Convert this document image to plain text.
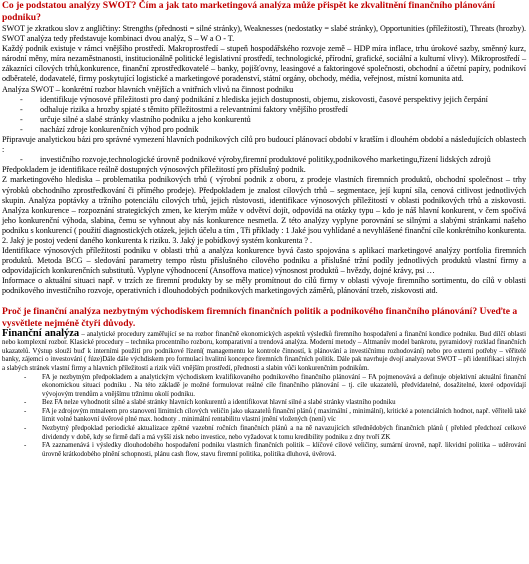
Co je podstatou analýzy SWOT? Čím a jak tato marketingová analýza může přispět ke zkvalitnění finančního plánování podniku?

SWOT je zkratkou slov z angličtiny: Strengths (přednosti = silné stránky), Weaknesses (nedostatky = slabé stránky), Opportunities (příležitosti), Threats (hrozby). SWOT analýza tedy představuje kombinaci dvou analýz, S – W a O - T.

Každý podnik existuje v rámci vnějšího prostředí. Makroprostředí – stupeň hospodářského rozvoje země – HDP míra inflace, trhu úrokové sazby, směnný kurz, národní měny, míra nezaměstnanosti, institucionálně politické legislativní prostředí, technologické, přírodní, grafické, sociální a kulturní vlivy). Mikroprostředí – zákazníci cílových trhů,konkurence, finanční zprostředkovatelé – banky, pojišťovny, leasingové a faktoringové společnosti, obchodní a účetní papíry, podnikoví odběratelé, dodavatelé, firmy poskytující logistické a marketingové poradenství, státní orgány, obchody, média, veřejnost, místní komunita atd.

Analýza SWOT – konkrétní rozbor hlavních vnějších a vnitřních vlivů na činnost podniku

- identifikuje výnosové příležitosti pro daný podnikání z hlediska jejich dostupnosti, objemu, ziskovosti, časové perspektivy jejich čerpání
- odhaluje rizika a hrozby spjaté s těmito příležitostmi a relevantními faktory vnějšího prostředí
- určuje silné a slabé stránky vlastního podniku a jeho konkurentů
- nachází zdroje konkurenčních výhod pro podnik

Připravuje analytickou bázi pro správné vymezení hlavních podnikových cílů pro budoucí plánovací období v kratším i dlouhém období a následujících oblastech :

- investičního rozvoje,technologické úrovně podnikové výroby,firemní produktové politiky,podnikového marketingu,řízení lidských zdrojů

Předpokladem je identifikace reálně dostupných výnosových příležitostí pro příslušný podnik.

Z marketingového hlediska – problematika podnikových trhů ( výrobní podnik z oboru, z prodeje vlastních firemních produktů, obchodní společnost – trhy výrobků obchodního zprostředkování či přímého prodeje). Předpokladem je znalost cílových trhů – segmentace, její kupní síla, cenová citlivost jednotlivých skupin. Analýza poptávky a tržního potenciálu cílových trhů, jejich růstovosti, identifikace výnosových příležitostí v oblasti podnikových trhů a ziskovosti. Analýza konkurence – rozpoznání strategických zmen, ke kterým může v odvětví dojít, odpovídá na otázky typu – kdo je náš hlavní konkurent, v čem spočívá jeho konkurenční výhoda, slabina, čemu se vyhnout aby nás konkurence nesmetla. Z této analýzy vyplyne porovnání se silnými a slabými stránkami našeho podniku s konkurencí ( použití diagnostických otázek, jejich účelu a tím , Tři příklady : 1 Jaké jsou vyhlídané a nevyhlášené finanční cíle konkrétního konkurenta. 2. Jaký je postoj vedení daného konkurenta k riziku. 3. Jaký je pobídkový systém konkurenta ? .

Identifikace výnosových příležitostí podniku v oblasti trhů a analýza konkurence byvá často spojována s aplikací marketingové analýzy portfolia firemních produktů. Metoda BCG – sledování parametry tempo růstu příslušného cílového podniku a příslušné tržní podíly jednotlivých produktů vlastní firmy a odpovídajících konkurenčních substitutů. Vyplyne výhodnocení (Ansoffova matice) výnosnost produktů – hvězdy, dojné krávy, psi …

Informace o aktuální situaci např. v trzích ze firemní produkty by se měly promítnout do cílů firmy v oblasti vývoje firemního sortimentu, do cílů v oblasti podnikového investičního rozvoje, operativních i dlouhodobých podnikových marketingových záměrů, plánování trzeb, ziskovosti atd.

Proč je finanční analýza nezbytným východiskem firemních finančních politik a podnikového finančního plánování? Uveďte a vysvětlete nejméně čtyři důvody.

Finanční analýza – analytické procedury zaměřující se na rozbor finančně ekonomických aspektů výsledků firemního hospodaření a finanční kondice podniku. Bud dílčí oblasti nebo komplexní rozbor. Klasické procedury – technika procentního rozboru, komparativní a trendová analýza. Moderní metody – Altmanův model bankrotu, pyramidový rozklad finančních ukazatelů. Výstup slouží buď k interními použití pro podnikové řízení( managementu ke kontrole činností, k plánování a investičnímu rozhodování) nebo pro externí potřeby – věřitelé banky, zájemci o investování ( fúze)Dále dále výchdiskem pro formulaci hvalitní koncepce firemních finančních politik. Dále pak navrhuje dvojí analyzovat SWOT – při identifikaci silných a slabých stránek vlastní firmy a hlavních příležitostí a rizik vůči vnějším prostředí, přednosti a slabin vůči konkurenčním podnikům.

- FA je nezbytným předpokladem a analytickým východiskem kvalifikovaného podnikového finančního plánování – FA pojmenovává a definuje objektivní aktuální finanční ekonomickou situaci podniku . Na této základě je možné formulovat reálné cíle finančního plánování – tj. cíle ukazatelů, předvídatelné, dosažitelné, které odpovídají vývojovým trendům a vnějšímu tržnímu okolí podniku.
- Bez FA nelze vyhodnotit silné a slabé stránky hlavních konkurentů a identifikovat hlavní silné a slabé stránky vlastního podniku
- FA je zdrojovým mtnaleem pro stanovení limitních cílových veličin jako ukazatelů finanční plánů ( maximální , minimální), kritické a potenciálních hodnot, např. věřitelů také limit volné bankovní úvěrové plné max. hodnoty . minimální rentabilitu vlastní jmění vložených (není) víc
- Nezbytný předpoklad periodické aktualizace zpětné vazební ročních finančních plánů a na ně navazujících střednědobých finančních plánů ( přehled předchozí celkové dividendy v době, kdy se firmě daří a má vyšší zisk nebo investice, nebo vyžadovat k tomu kredibility podniku z dny tvoří ZK
- FA zaznamenává i výsledky dlouhodobého hospodaření podniku vlastních finančních politik – klíčové cílové veličiny, sumární úrovně, např. likvidní politika – uděrování úrovně krátkodobého plnění schopnosti, plánu cash flow, stavu firemní politika, politika dluhová, úvěrová.
